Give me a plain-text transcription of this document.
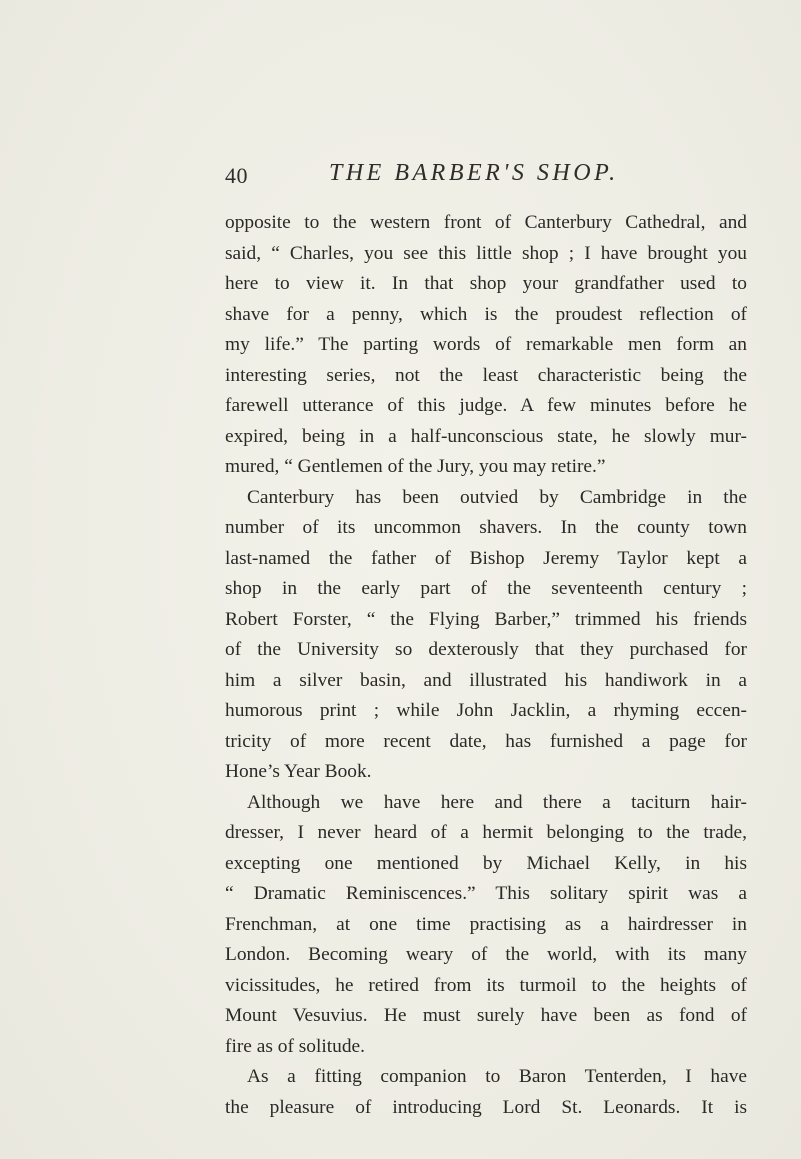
40	THE BARBER'S SHOP.
opposite to the western front of Canterbury Cathedral, and
said, “ Charles, you see this little shop ; I have brought you
here to view it. In that shop your grandfather used to
shave for a penny, which is the proudest reflection of
my life.” The parting words of remarkable men form an
interesting series, not the least characteristic being the
farewell utterance of this judge. A few minutes before he
expired, being in a half-unconscious state, he slowly mur-
mured, “ Gentlemen of the Jury, you may retire.”
Canterbury has been outvied by Cambridge in the
number of its uncommon shavers. In the county town
last-named the father of Bishop Jeremy Taylor kept a
shop in the early part of the seventeenth century ;
Robert Forster, “ the Flying Barber,” trimmed his friends
of the University so dexterously that they purchased for
him a silver basin, and illustrated his handiwork in a
humorous print ; while John Jacklin, a rhyming eccen-
tricity of more recent date, has furnished a page for
Hone’s Year Book.
Although we have here and there a taciturn hair-
dresser, I never heard of a hermit belonging to the trade,
excepting one mentioned by Michael Kelly, in his
“ Dramatic Reminiscences.” This solitary spirit was a
Frenchman, at one time practising as a hairdresser in
London. Becoming weary of the world, with its many
vicissitudes, he retired from its turmoil to the heights of
Mount Vesuvius. He must surely have been as fond of
fire as of solitude.
As a fitting companion to Baron Tenterden, I have
the pleasure of introducing Lord St. Leonards. It is
